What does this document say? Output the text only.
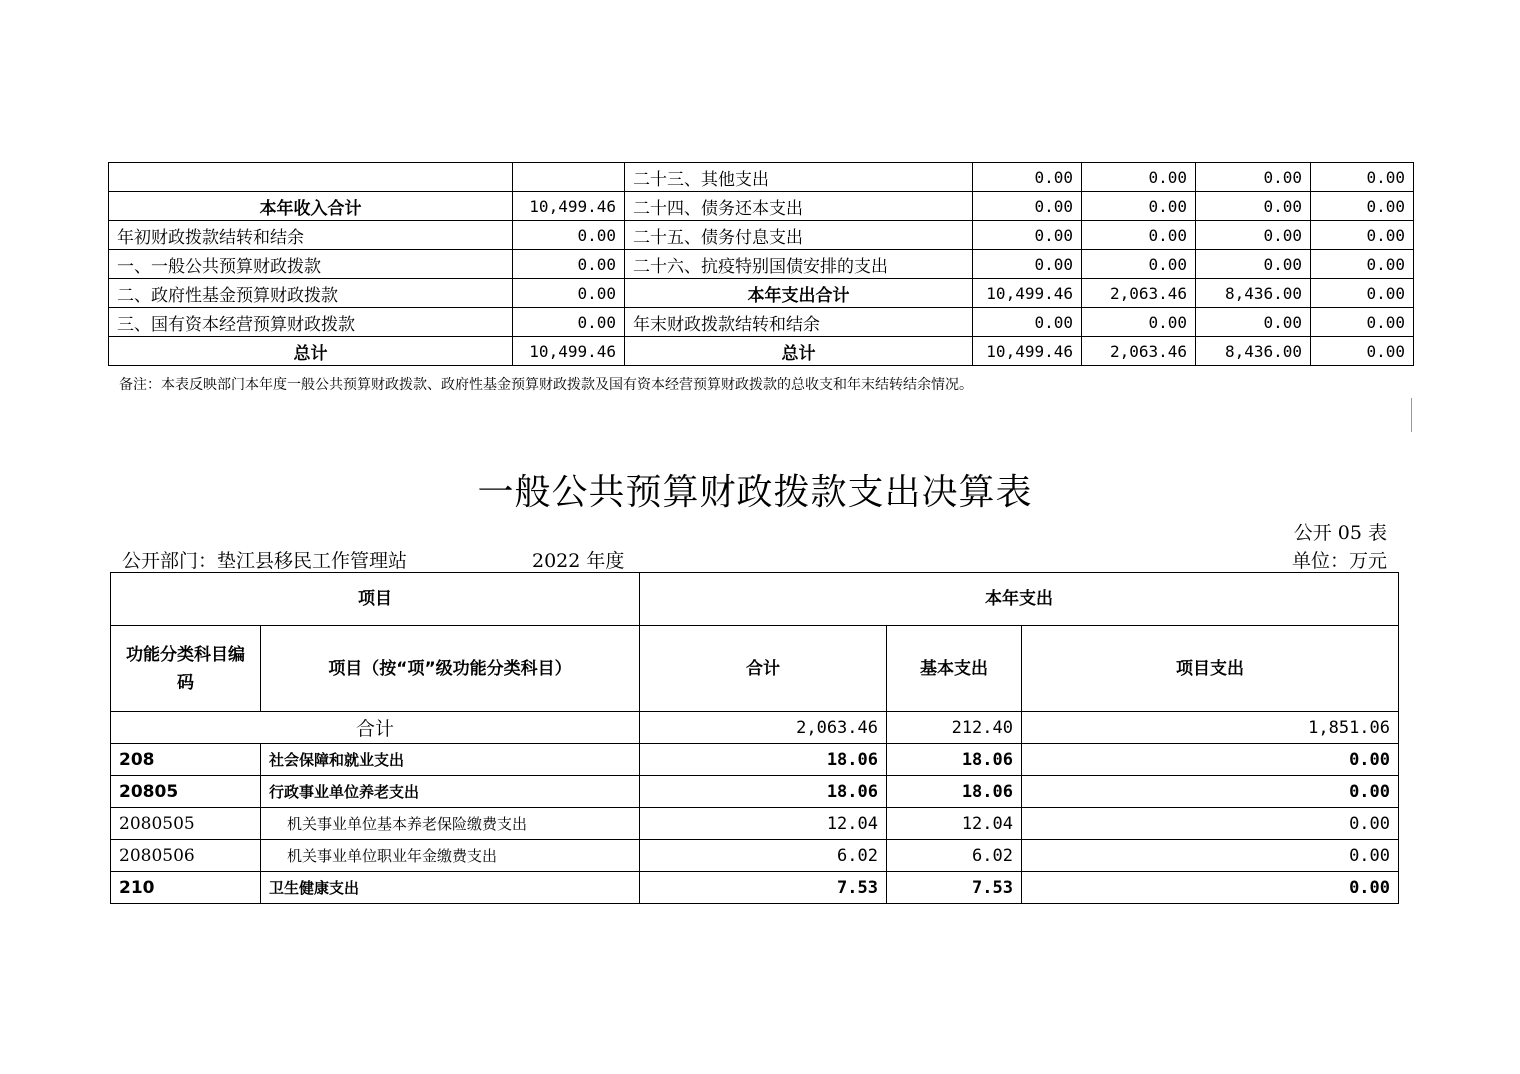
		二十三、其他支出	0.00	0.00	0.00	0.00
本年收入合计	10,499.46	二十四、债务还本支出	0.00	0.00	0.00	0.00
年初财政拨款结转和结余	0.00	二十五、债务付息支出	0.00	0.00	0.00	0.00
一、一般公共预算财政拨款	0.00	二十六、抗疫特别国债安排的支出	0.00	0.00	0.00	0.00
二、政府性基金预算财政拨款	0.00	本年支出合计	10,499.46	2,063.46	8,436.00	0.00
三、国有资本经营预算财政拨款	0.00	年末财政拨款结转和结余	0.00	0.00	0.00	0.00
总计	10,499.46	总计	10,499.46	2,063.46	8,436.00	0.00
备注：本表反映部门本年度一般公共预算财政拨款、政府性基金预算财政拨款及国有资本经营预算财政拨款的总收支和年末结转结余情况。
一般公共预算财政拨款支出决算表
公开 05 表
公开部门：垫江县移民工作管理站	2022 年度	单位：万元
项目		本年支出		
功能分类科目编码	项目（按“项”级功能分类科目）	合计	基本支出	项目支出
合计		2,063.46	212.40	1,851.06
208	社会保障和就业支出	18.06	18.06	0.00
20805	行政事业单位养老支出	18.06	18.06	0.00
2080505	机关事业单位基本养老保险缴费支出	12.04	12.04	0.00
2080506	机关事业单位职业年金缴费支出	6.02	6.02	0.00
210	卫生健康支出	7.53	7.53	0.00
